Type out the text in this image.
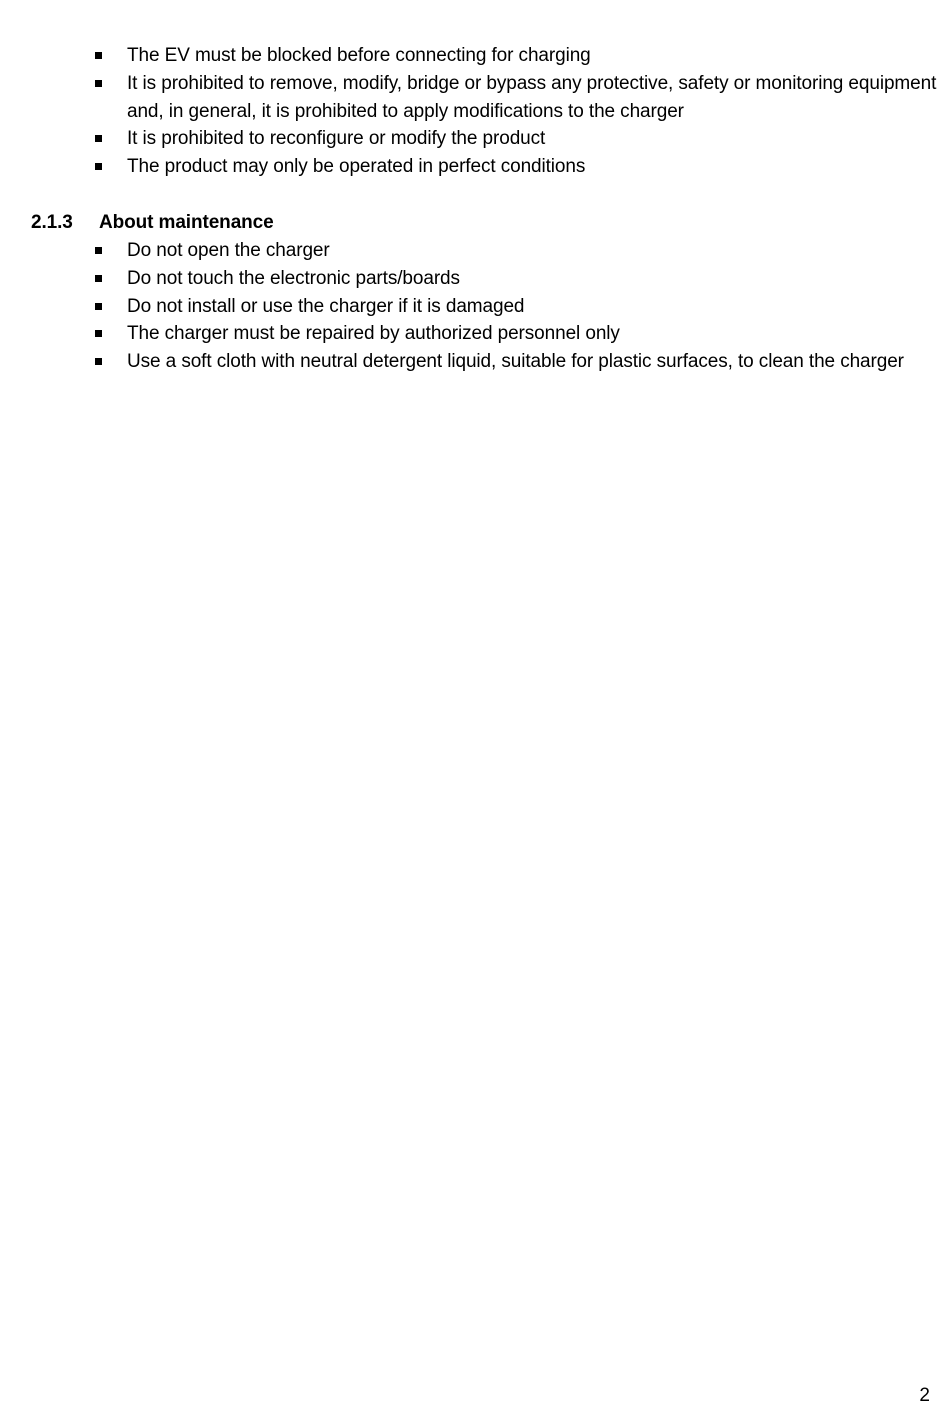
The EV must be blocked before connecting for charging
It is prohibited to remove, modify, bridge or bypass any protective, safety or monitoring equipment and, in general, it is prohibited to apply modifications to the charger
It is prohibited to reconfigure or modify the product
The product may only be operated in perfect conditions
2.1.3 About maintenance
Do not open the charger
Do not touch the electronic parts/boards
Do not install or use the charger if it is damaged
The charger must be repaired by authorized personnel only
Use a soft cloth with neutral detergent liquid, suitable for plastic surfaces, to clean the charger
2
